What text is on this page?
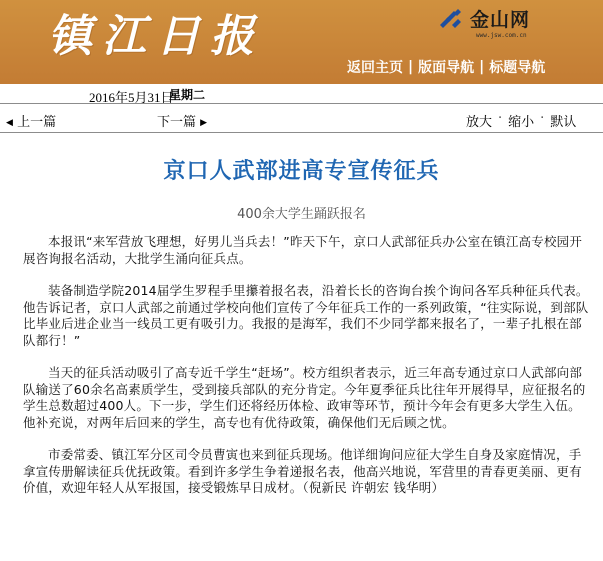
镇江日报	金山网
www.jsw.com.cn
返回主页 | 版面导航 | 标题导航
2016年5月31日
星期二
◀ 上一篇	下一篇 ▶	放大 · 缩小 · 默认
京口人武部进高专宣传征兵
400余大学生踊跃报名

本报讯“来军营放飞理想，好男儿当兵去！”昨天下午，京口人武部征兵办公室在镇江高专校园开展咨询报名活动，大批学生涌向征兵点。

装备制造学院2014届学生罗程手里攥着报名表，沿着长长的咨询台挨个询问各军兵种征兵代表。他告诉记者，京口人武部之前通过学校向他们宣传了今年征兵工作的一系列政策，“往实际说，到部队比毕业后进企业当一线员工更有吸引力。我报的是海军，我们不少同学都来报名了，一辈子扎根在部队都行！”

当天的征兵活动吸引了高专近千学生“赶场”。校方组织者表示，近三年高专通过京口人武部向部队输送了60余名高素质学生，受到接兵部队的充分肯定。今年夏季征兵比往年开展得早，应征报名的学生总数超过400人。下一步，学生们还将经历体检、政审等环节，预计今年会有更多大学生入伍。他补充说，对两年后回来的学生，高专也有优待政策，确保他们无后顾之忧。

市委常委、镇江军分区司令员曹寅也来到征兵现场。他详细询问应征大学生自身及家庭情况，手拿宣传册解读征兵优抚政策。看到许多学生争着递报名表，他高兴地说，军营里的青春更美丽、更有价值，欢迎年轻人从军报国，接受锻炼早日成材。（倪新民 许朝宏 钱华明）
